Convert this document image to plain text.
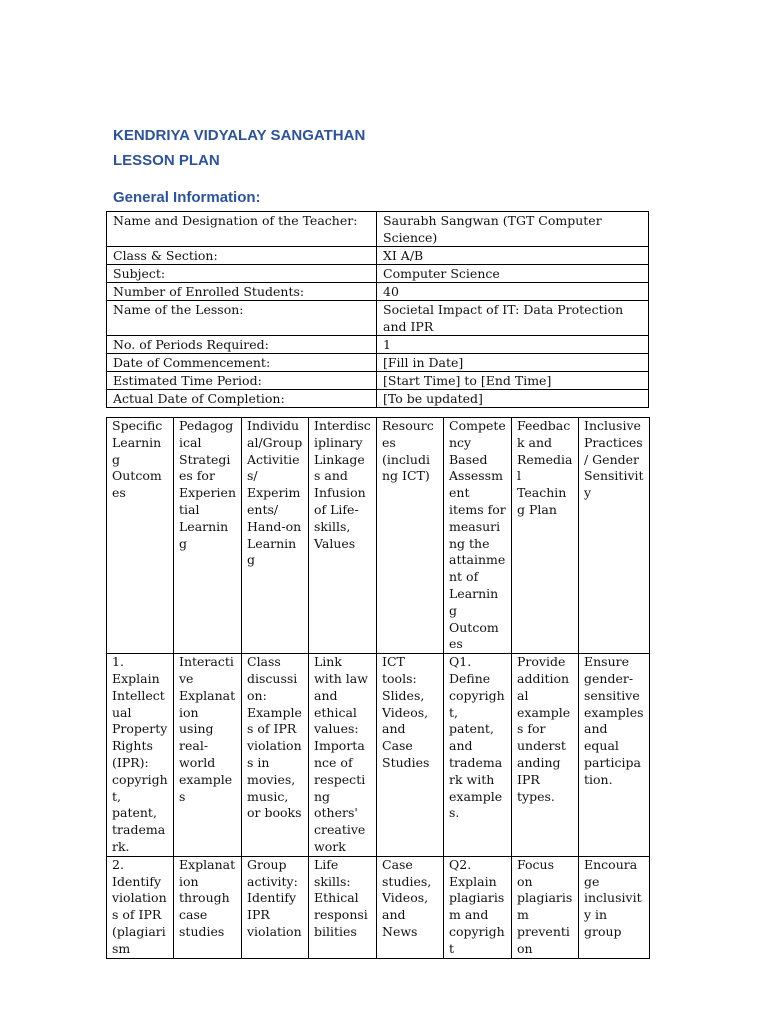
KENDRIYA VIDYALAY SANGATHAN
LESSON PLAN
General Information:
Name and Designation of the Teacher:	Saurabh Sangwan (TGT Computer Science)
Class & Section:	XI A/B
Subject:	Computer Science
Number of Enrolled Students:	40
Name of the Lesson:	Societal Impact of IT: Data Protection and IPR
No. of Periods Required:	1
Date of Commencement:	[Fill in Date]
Estimated Time Period:	[Start Time] to [End Time]
Actual Date of Completion:	[To be updated]
Specific Learning Outcomes	Pedagogical Strategies for Experiential Learning	Individual/Group Activities/ Experiments/ Hand-on Learning	Interdisciplinary Linkages and Infusion of Life-skills, Values	Resources (including ICT)	Competency Based Assessment items for measuring the attainment of Learning Outcomes	Feedback and Remedial Teaching Plan	Inclusive Practices / Gender Sensitivity
1. Explain Intellectual Property Rights (IPR): copyright, patent, trademark.	Interactive Explanation using real-world examples	Class discussion: Examples of IPR violations in movies, music, or books	Link with law and ethical values: Importance of respecting others' creative work	ICT tools: Slides, Videos, and Case Studies	Q1. Define copyright, patent, and trademark with examples.	Provide additional examples for understanding IPR types.	Ensure gender-sensitive examples and equal participation.
2. Identify violations of IPR (plagiarism	Explanation through case studies	Group activity: Identify IPR violation	Life skills: Ethical responsibilities	Case studies, Videos, and News	Q2. Explain plagiarism and copyright	Focus on plagiarism prevention	Encourage inclusivity in group
